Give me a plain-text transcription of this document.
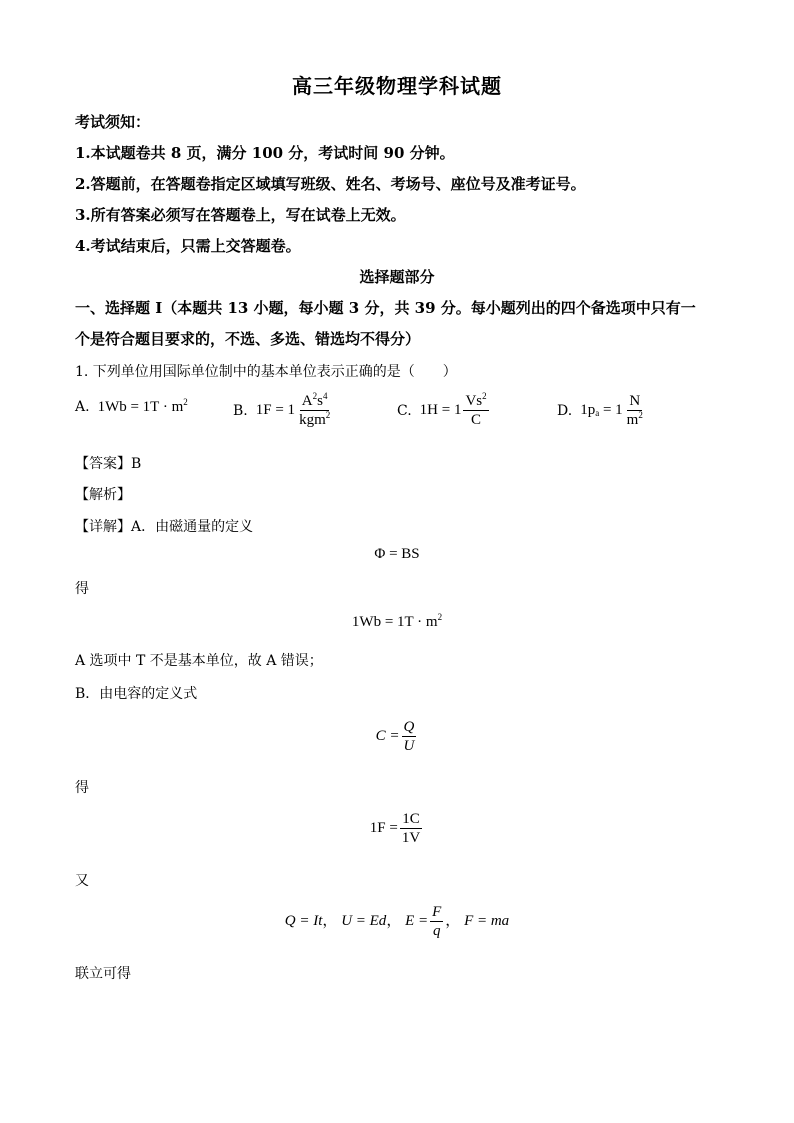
高三年级物理学科试题
考试须知：
1.本试题卷共 8 页，满分 100 分，考试时间 90 分钟。
2.答题前，在答题卷指定区域填写班级、姓名、考场号、座位号及准考证号。
3.所有答案必须写在答题卷上，写在试卷上无效。
4.考试结束后，只需上交答题卷。
选择题部分
一、选择题 I（本题共 13 小题，每小题 3 分，共 39 分。每小题列出的四个备选项中只有一
个是符合题目要求的，不选、多选、错选均不得分）
1. 下列单位用国际单位制中的基本单位表示正确的是（　　）
A. $1Wb = 1T \cdot m^2$
B. $1F = 1 \frac{A^2s^4}{kgm^2}$	C. $1H = 1 \frac{Vs^2}{C}$	D. $1p_a = 1 \frac{N}{m^2}$
【答案】B
【解析】
【详解】A．由磁通量的定义
Φ = BS
得
$1Wb = 1T \cdot m^2$
A 选项中 T 不是基本单位，故 A 错误；
B．由电容的定义式
$C = \frac{Q}{U}$
得
$1F = \frac{1C}{1V}$
又
Q = It， U = Ed， $E = \frac{F}{q}$ ， F = ma
联立可得
